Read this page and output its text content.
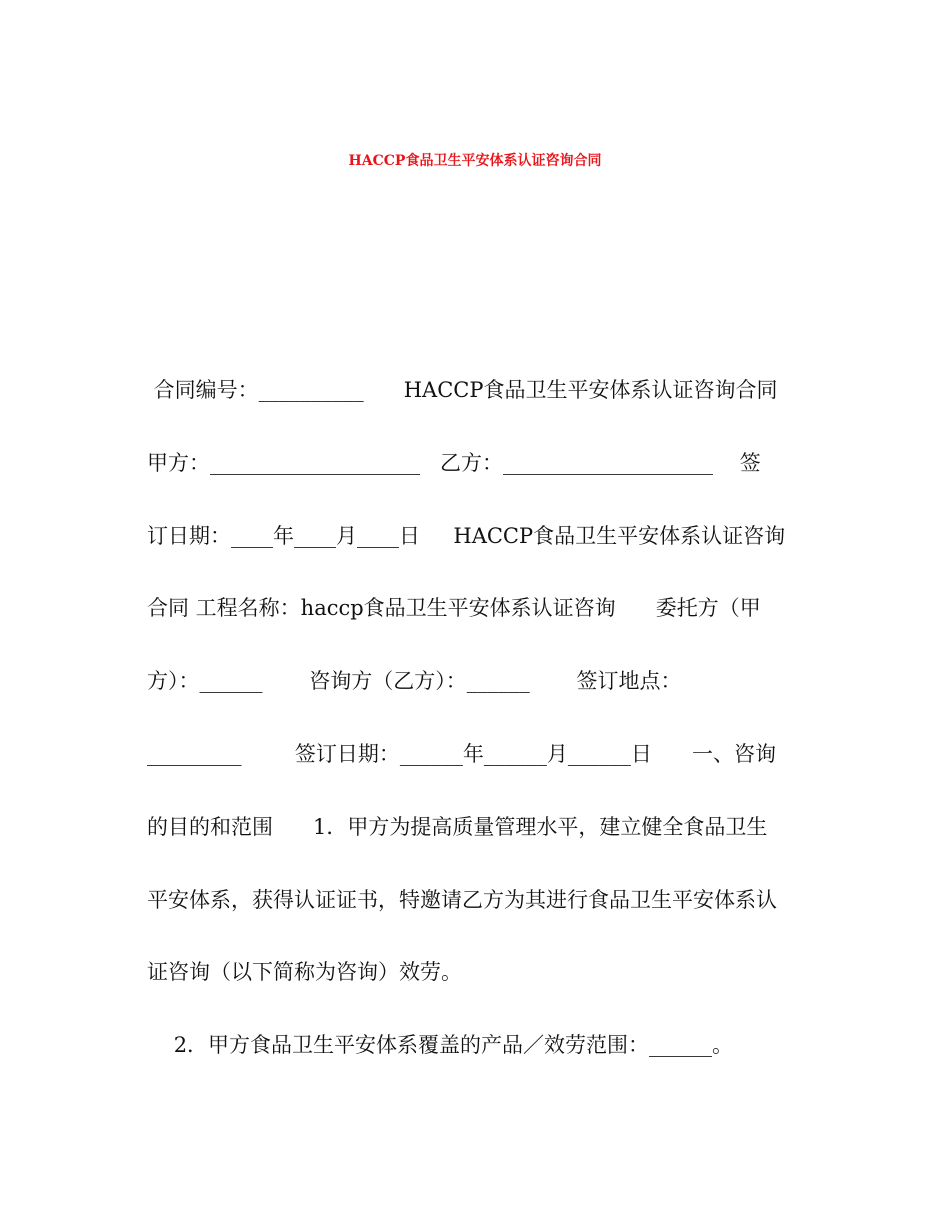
HACCP食品卫生平安体系认证咨询合同
合同编号：__________      HACCP食品卫生平安体系认证咨询合同
甲方：____________________   乙方：____________________    签
订日期：____年____月____日     HACCP食品卫生平安体系认证咨询
合同 工程名称：haccp食品卫生平安体系认证咨询      委托方（甲
方）：______       咨询方（乙方）：______       签订地点：
_________        签订日期：______年______月______日      一、咨询
的目的和范围      1．甲方为提高质量管理水平，建立健全食品卫生
平安体系，获得认证证书，特邀请乙方为其进行食品卫生平安体系认
证咨询（以下简称为咨询）效劳。
2．甲方食品卫生平安体系覆盖的产品／效劳范围：______。
